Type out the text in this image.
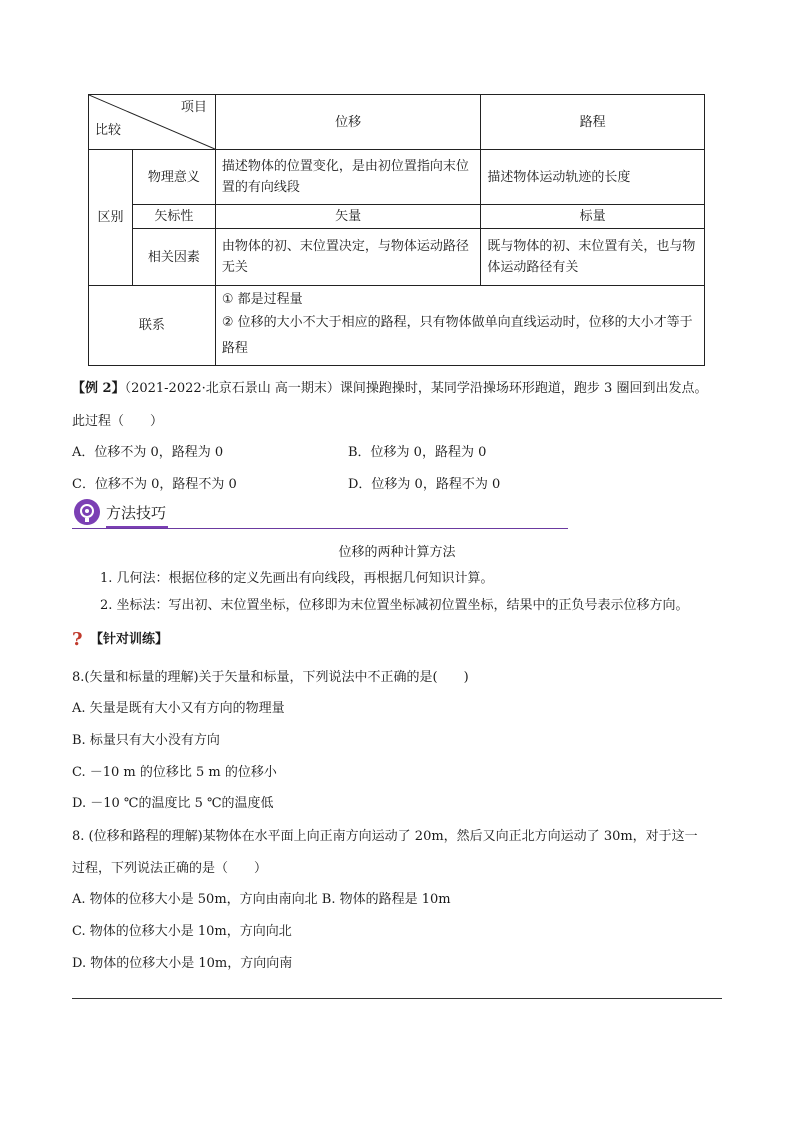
项目
比较		位移	路程
区别	物理意义	描述物体的位置变化，是由初位置指向末位置的有向线段	描述物体运动轨迹的长度
	矢标性	矢量	标量
	相关因素	由物体的初、末位置决定，与物体运动路径无关	既与物体的初、末位置有关，也与物体运动路径有关
联系		① 都是过程量
② 位移的大小不大于相应的路程，只有物体做单向直线运动时，位移的大小才等于路程	
【例 2】（2021-2022·北京石景山 高一期末）课间操跑操时，某同学沿操场环形跑道，跑步 3 圈回到出发点。
此过程（　　）
A．位移不为 0，路程为 0	B．位移为 0，路程为 0
C．位移不为 0，路程不为 0	D．位移为 0，路程不为 0
方法技巧
位移的两种计算方法
1. 几何法：根据位移的定义先画出有向线段，再根据几何知识计算。
2. 坐标法：写出初、末位置坐标，位移即为末位置坐标减初位置坐标，结果中的正负号表示位移方向。
? 【针对训练】
8.(矢量和标量的理解)关于矢量和标量，下列说法中不正确的是(　　)
A. 矢量是既有大小又有方向的物理量
B. 标量只有大小没有方向
C. －10 m 的位移比 5 m 的位移小
D. －10 ℃的温度比 5 ℃的温度低
8. (位移和路程的理解)某物体在水平面上向正南方向运动了 20m，然后又向正北方向运动了 30m，对于这一
过程，下列说法正确的是（　　）
A. 物体的位移大小是 50m，方向由南向北 B. 物体的路程是 10m
C. 物体的位移大小是 10m，方向向北
D. 物体的位移大小是 10m，方向向南
